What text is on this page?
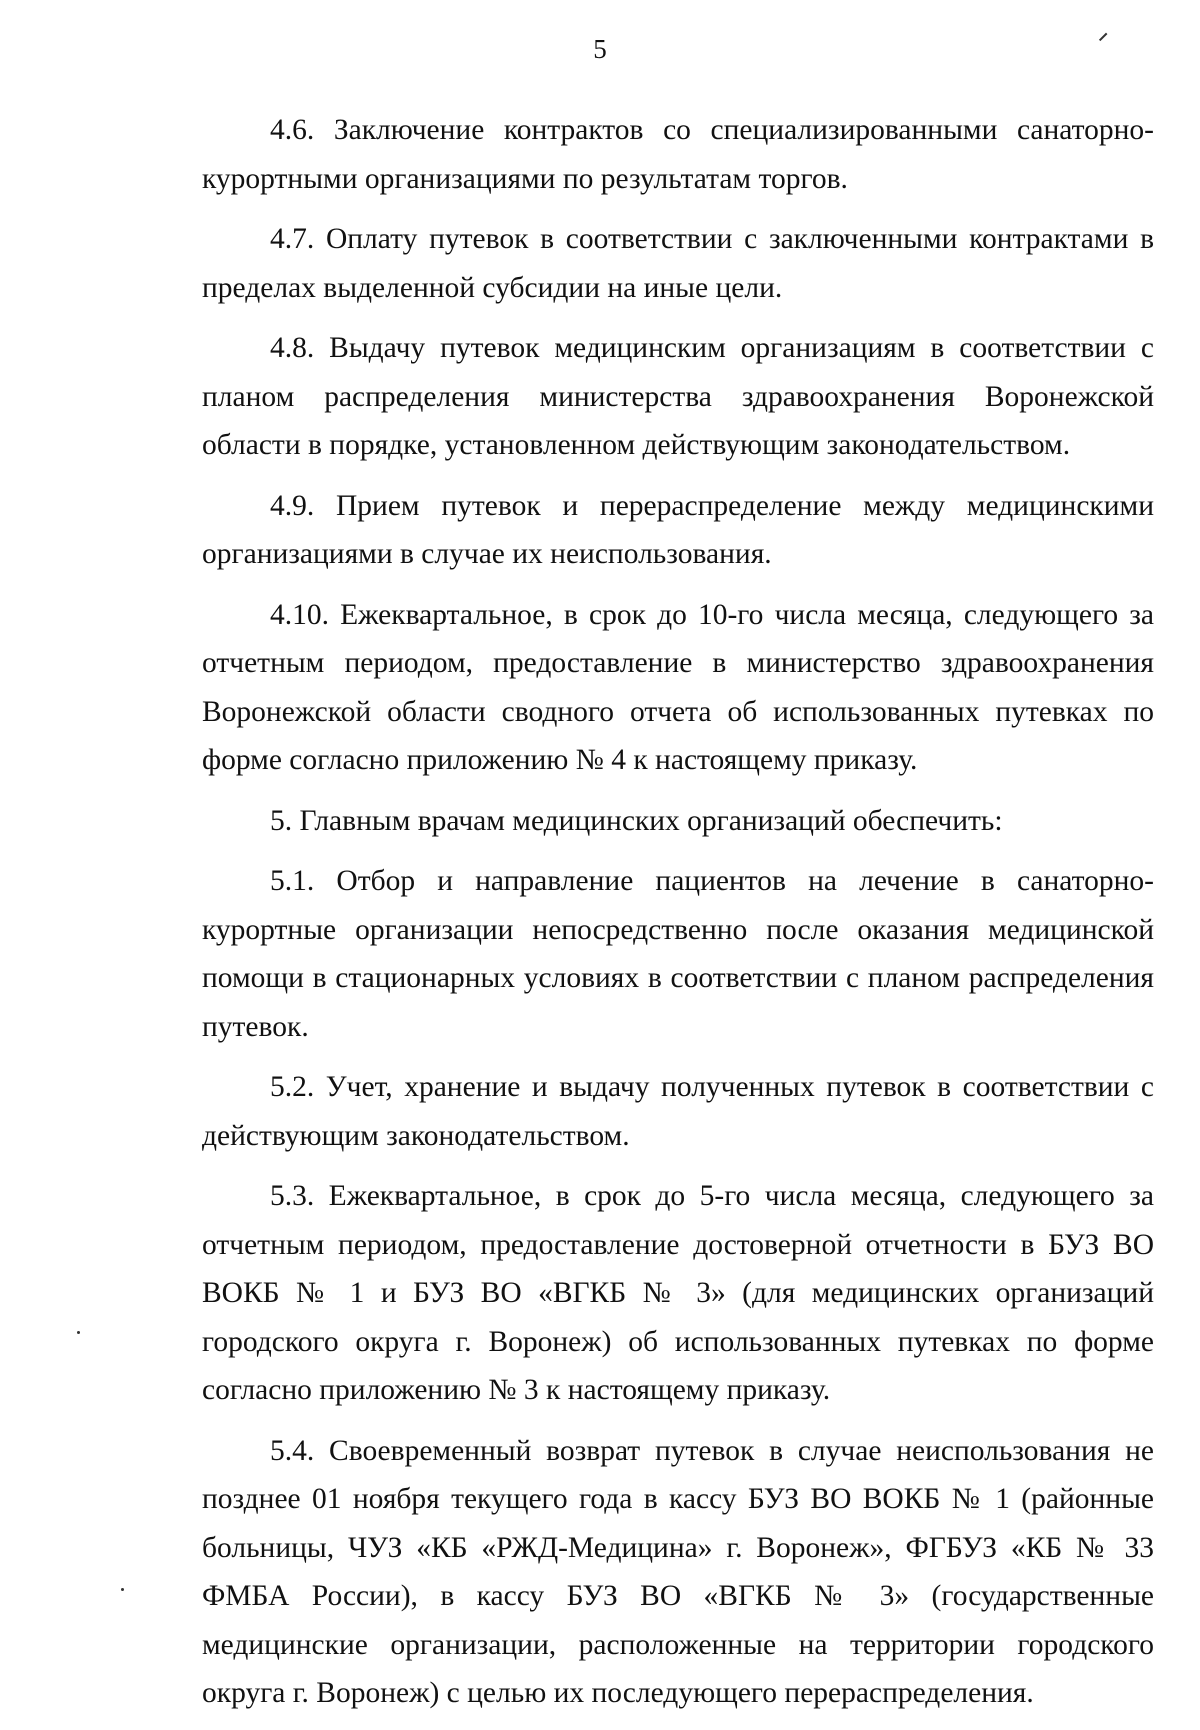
5

4.6. Заключение контрактов со специализированными санаторно-курортными организациями по результатам торгов.

4.7. Оплату путевок в соответствии с заключенными контрактами в пределах выделенной субсидии на иные цели.

4.8. Выдачу путевок медицинским организациям в соответствии с планом распределения министерства здравоохранения Воронежской области в порядке, установленном действующим законодательством.

4.9. Прием путевок и перераспределение между медицинскими организациями в случае их неиспользования.

4.10. Ежеквартальное, в срок до 10-го числа месяца, следующего за отчетным периодом, предоставление в министерство здравоохранения Воронежской области сводного отчета об использованных путевках по форме согласно приложению № 4 к настоящему приказу.

5. Главным врачам медицинских организаций обеспечить:

5.1. Отбор и направление пациентов на лечение в санаторно-курортные организации непосредственно после оказания медицинской помощи в стационарных условиях в соответствии с планом распределения путевок.

5.2. Учет, хранение и выдачу полученных путевок в соответствии с действующим законодательством.

5.3. Ежеквартальное, в срок до 5-го числа месяца, следующего за отчетным периодом, предоставление достоверной отчетности в БУЗ ВО ВОКБ № 1 и БУЗ ВО «ВГКБ № 3» (для медицинских организаций городского округа г. Воронеж) об использованных путевках по форме согласно приложению № 3 к настоящему приказу.

5.4. Своевременный возврат путевок в случае неиспользования не позднее 01 ноября текущего года в кассу БУЗ ВО ВОКБ № 1 (районные больницы, ЧУЗ «КБ «РЖД-Медицина» г. Воронеж», ФГБУЗ «КБ № 33 ФМБА России), в кассу БУЗ ВО «ВГКБ № 3» (государственные медицинские организации, расположенные на территории городского округа г. Воронеж) с целью их последующего перераспределения.
